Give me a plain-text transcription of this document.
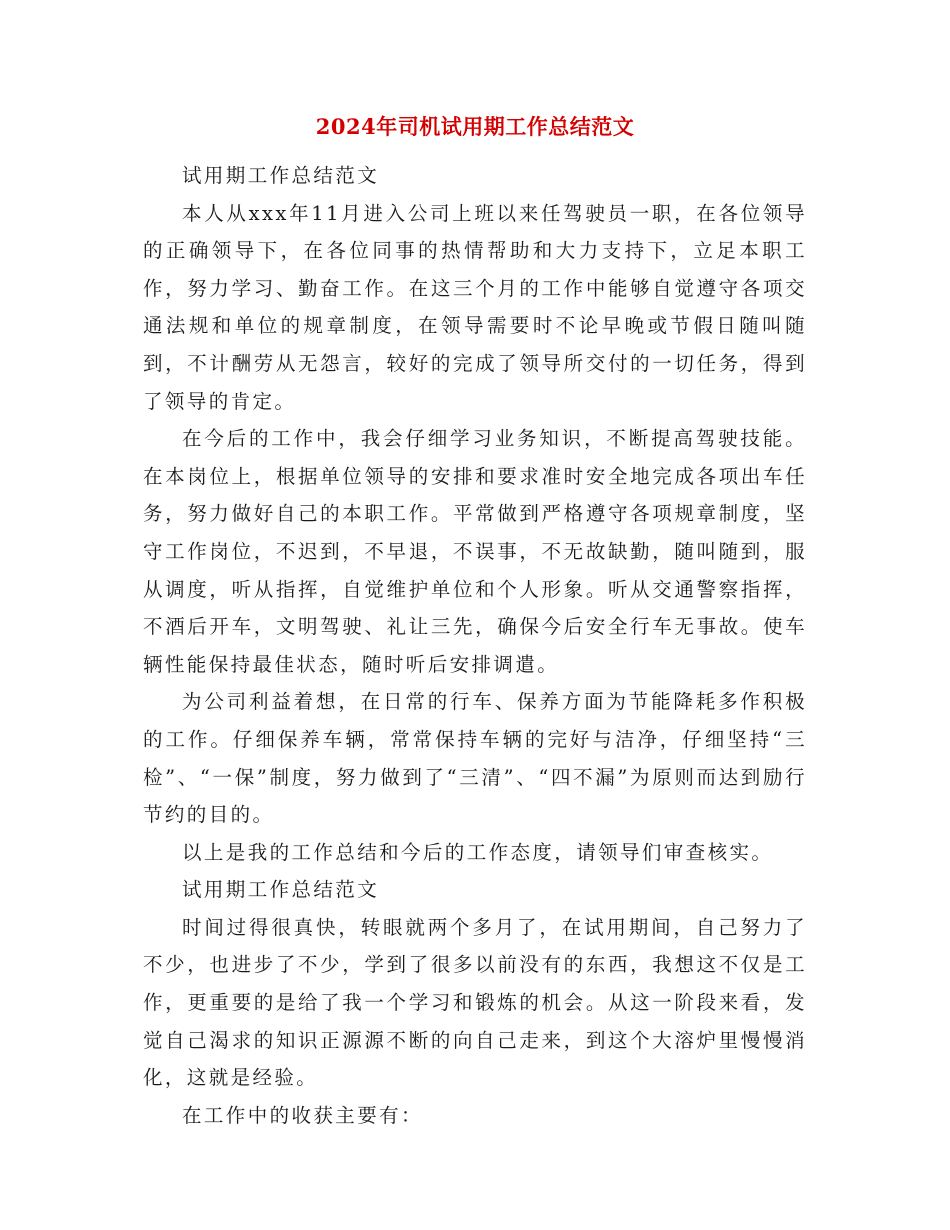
2024年司机试用期工作总结范文

试用期工作总结范文

本人从xxx年11月进入公司上班以来任驾驶员一职，在各位领导的正确领导下，在各位同事的热情帮助和大力支持下，立足本职工作，努力学习、勤奋工作。在这三个月的工作中能够自觉遵守各项交通法规和单位的规章制度，在领导需要时不论早晚或节假日随叫随到，不计酬劳从无怨言，较好的完成了领导所交付的一切任务，得到了领导的肯定。

在今后的工作中，我会仔细学习业务知识，不断提高驾驶技能。在本岗位上，根据单位领导的安排和要求准时安全地完成各项出车任务，努力做好自己的本职工作。平常做到严格遵守各项规章制度，坚守工作岗位，不迟到，不早退，不误事，不无故缺勤，随叫随到，服从调度，听从指挥，自觉维护单位和个人形象。听从交通警察指挥，不酒后开车，文明驾驶、礼让三先，确保今后安全行车无事故。使车辆性能保持最佳状态，随时听后安排调遣。

为公司利益着想，在日常的行车、保养方面为节能降耗多作积极的工作。仔细保养车辆，常常保持车辆的完好与洁净，仔细坚持“三检”、“一保”制度，努力做到了“三清”、“四不漏”为原则而达到励行节约的目的。

以上是我的工作总结和今后的工作态度，请领导们审查核实。

试用期工作总结范文

时间过得很真快，转眼就两个多月了，在试用期间，自己努力了不少，也进步了不少，学到了很多以前没有的东西，我想这不仅是工作，更重要的是给了我一个学习和锻炼的机会。从这一阶段来看，发觉自己渴求的知识正源源不断的向自己走来，到这个大溶炉里慢慢消化，这就是经验。

在工作中的收获主要有：
